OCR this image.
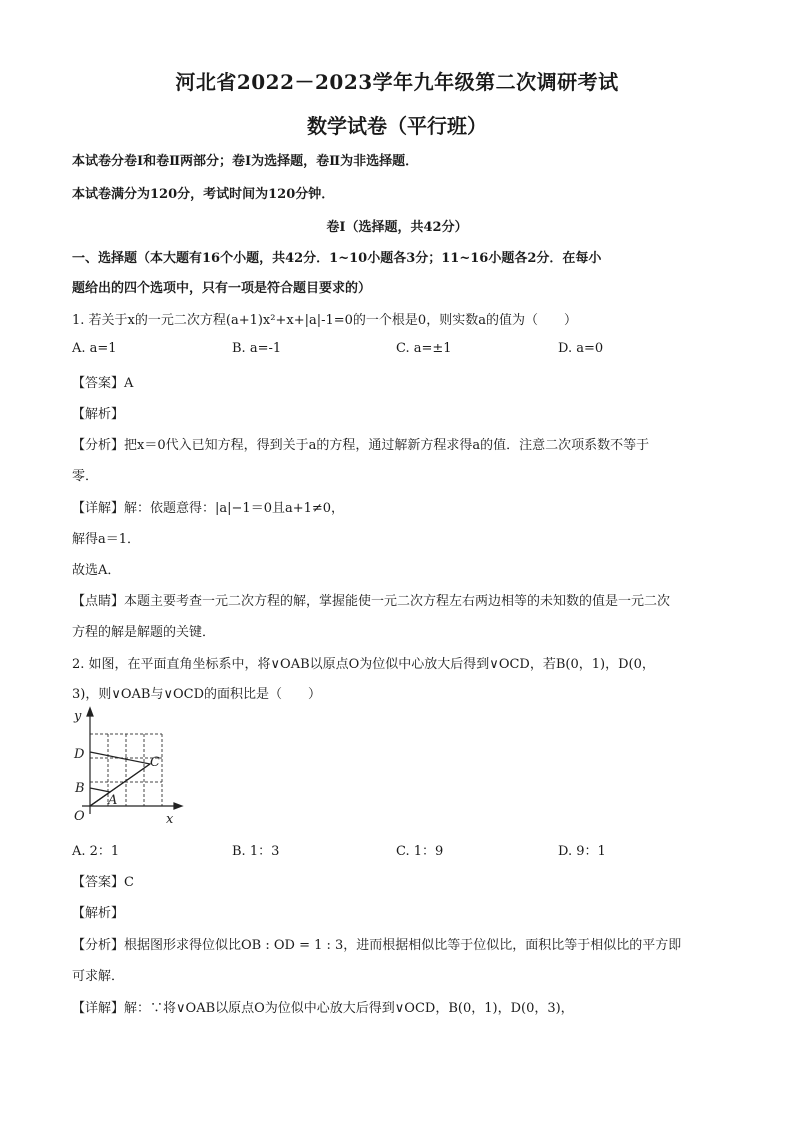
河北省2022－2023学年九年级第二次调研考试
数学试卷（平行班）
本试卷分卷Ⅰ和卷Ⅱ两部分；卷Ⅰ为选择题，卷Ⅱ为非选择题．
本试卷满分为120分，考试时间为120分钟．
卷Ⅰ（选择题，共42分）
一、选择题（本大题有16个小题，共42分．1~10小题各3分；11~16小题各2分．在每小
题给出的四个选项中，只有一项是符合题目要求的）
1. 若关于x的一元二次方程(a+1)x²+x+|a|-1=0的一个根是0，则实数a的值为（　　）
A. a=1	B. a=-1	C. a=±1	D. a=0
【答案】A
【解析】
【分析】把x＝0代入已知方程，得到关于a的方程，通过解新方程求得a的值．注意二次项系数不等于
零．
【详解】解：依题意得：|a|−1＝0且a+1≠0，
解得a＝1．
故选A．
【点睛】本题主要考查一元二次方程的解，掌握能使一元二次方程左右两边相等的未知数的值是一元二次
方程的解是解题的关键．
2. 如图，在平面直角坐标系中，将∨OAB以原点O为位似中心放大后得到∨OCD，若B(0，1)，D(0，
3)，则∨OAB与∨OCD的面积比是（　　）
y
x
O
A
B
C
D
A. 2：1	B. 1：3	C. 1：9	D. 9：1
【答案】C
【解析】
【分析】根据图形求得位似比OB : OD = 1 : 3，进而根据相似比等于位似比，面积比等于相似比的平方即
可求解．
【详解】解：∵将∨OAB以原点O为位似中心放大后得到∨OCD，B(0，1)，D(0，3)，
